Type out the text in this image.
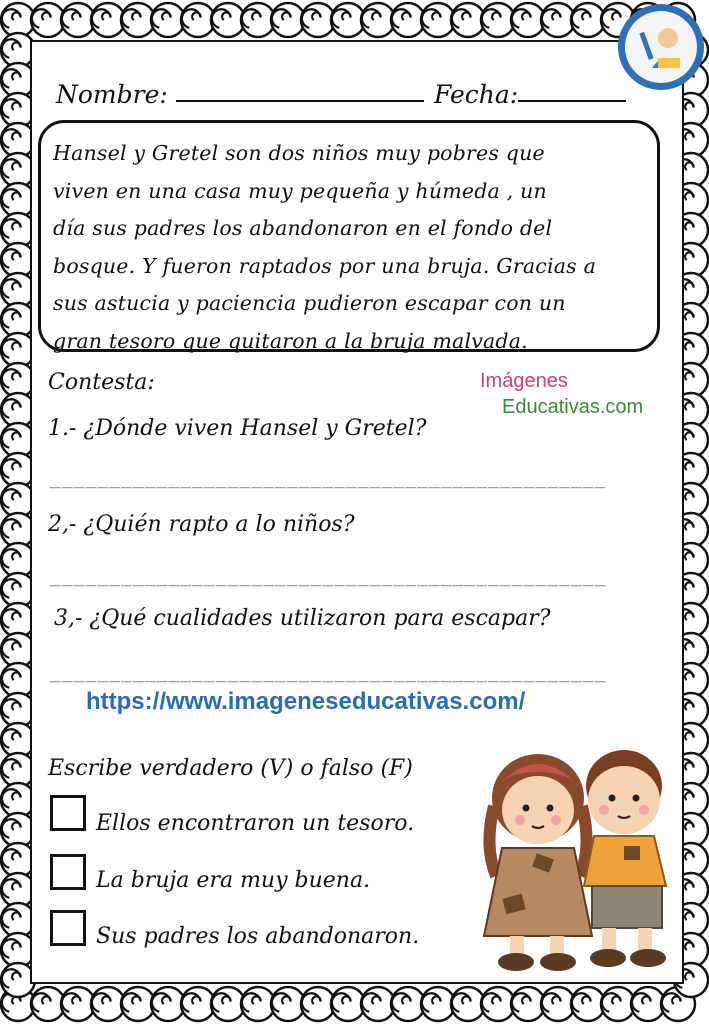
Nombre:	Fecha:
Hansel y Gretel son dos niños muy pobres que
viven en una casa muy pequeña y húmeda , un
día sus padres los abandonaron en el fondo del
bosque. Y fueron raptados por una bruja. Gracias a
sus astucia y paciencia pudieron escapar con un
gran tesoro que quitaron a la bruja malvada.
Contesta:	Imágenes
Educativas.com
1.- ¿Dónde viven Hansel y Gretel?
_______________________________________________
2,- ¿Quién rapto a lo niños?
_______________________________________________
3,- ¿Qué cualidades utilizaron para escapar?
_______________________________________________
https://www.imageneseducativas.com/
Escribe verdadero (V) o falso (F)
Ellos encontraron un tesoro.
La bruja era muy buena.
Sus padres los abandonaron.
